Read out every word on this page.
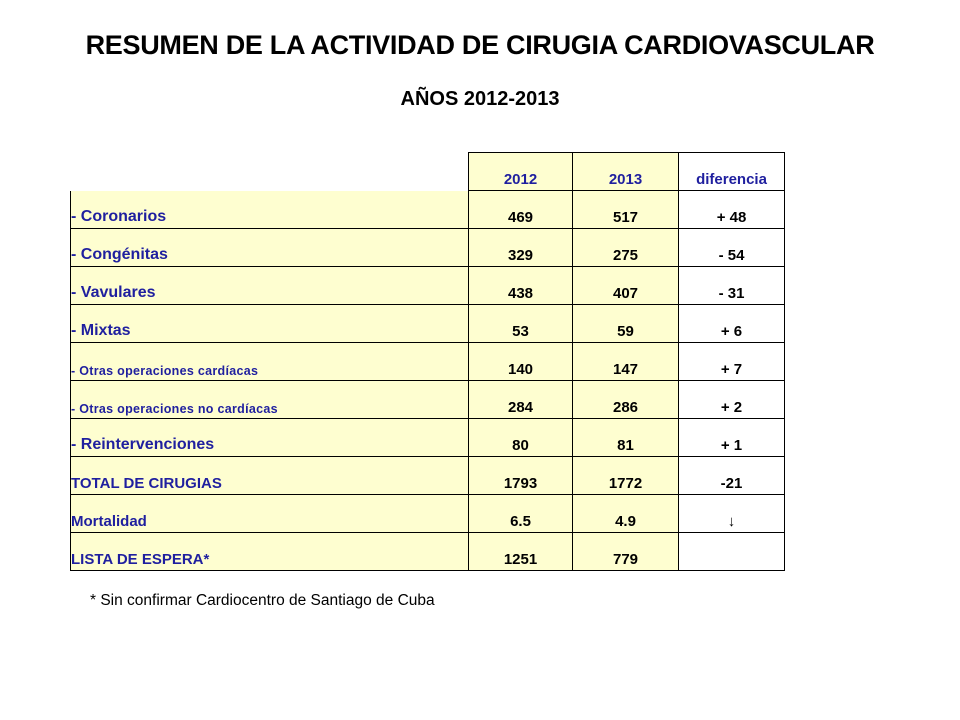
RESUMEN DE LA ACTIVIDAD DE CIRUGIA CARDIOVASCULAR
AÑOS 2012-2013
	2012	2013	diferencia
- Coronarios	469	517	+ 48
- Congénitas	329	275	- 54
- Vavulares	438	407	- 31
- Mixtas	53	59	+ 6
- Otras operaciones cardíacas	140	147	+ 7
- Otras operaciones no cardíacas	284	286	+ 2
- Reintervenciones	80	81	+ 1
TOTAL DE CIRUGIAS	1793	1772	-21
Mortalidad	6.5	4.9	↓
LISTA DE ESPERA*	1251	779	
* Sin confirmar Cardiocentro de Santiago de Cuba
